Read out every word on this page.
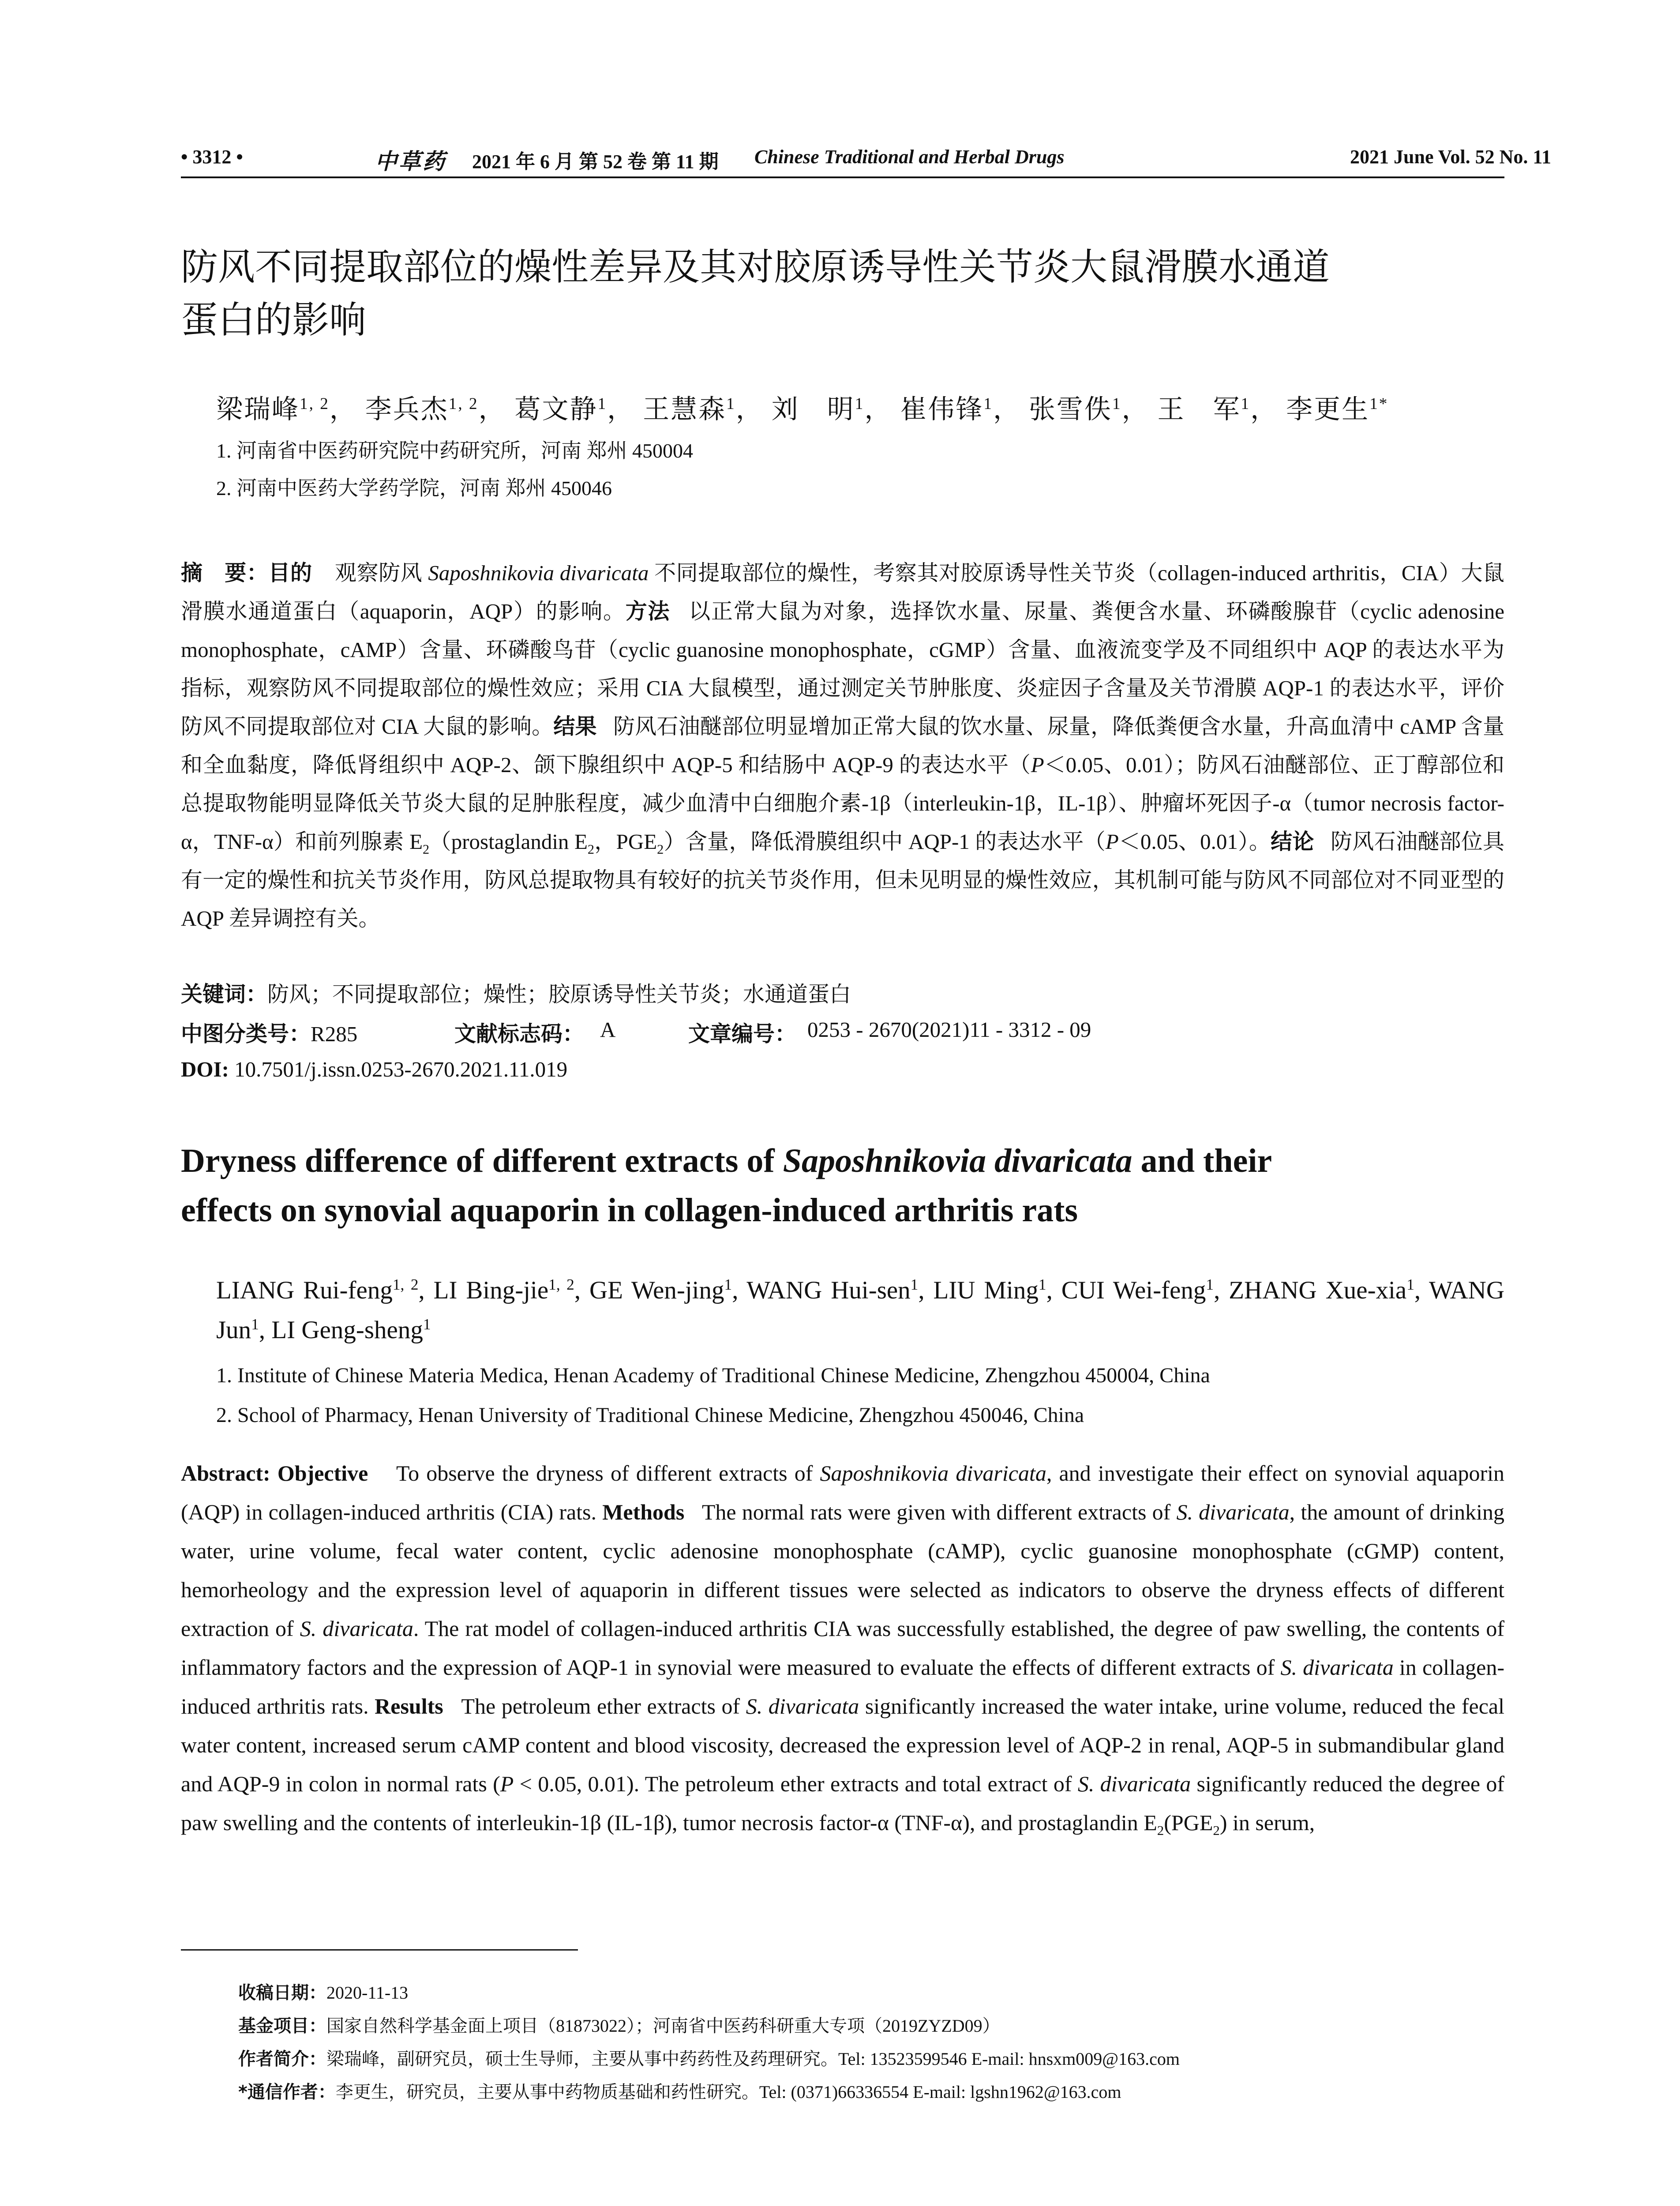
• 3312 •	中草药 2021 年 6 月 第 52 卷 第 11 期 Chinese Traditional and Herbal Drugs	2021 June Vol. 52 No. 11
防风不同提取部位的燥性差异及其对胶原诱导性关节炎大鼠滑膜水通道
蛋白的影响
梁瑞峰$^{1, 2}$， 李兵杰$^{1, 2}$， 葛文静$^1$， 王慧森$^1$， 刘　明$^1$， 崔伟锋$^1$， 张雪佚$^1$， 王　军$^1$， 李更生$^{1*}$
1. 河南省中医药研究院中药研究所，河南 郑州 450004
2. 河南中医药大学药学院，河南 郑州 450046
摘　要：目的 观察防风 Saposhnikovia divaricata 不同提取部位的燥性，考察其对胶原诱导性关节炎（collagen-induced arthritis，CIA）大鼠滑膜水通道蛋白（aquaporin，AQP）的影响。方法 以正常大鼠为对象，选择饮水量、尿量、粪便含水量、环磷酸腺苷（cyclic adenosine monophosphate，cAMP）含量、环磷酸鸟苷（cyclic guanosine monophosphate，cGMP）含量、血液流变学及不同组织中 AQP 的表达水平为指标，观察防风不同提取部位的燥性效应；采用 CIA 大鼠模型，通过测定关节肿胀度、炎症因子含量及关节滑膜 AQP-1 的表达水平，评价防风不同提取部位对 CIA 大鼠的影响。结果 防风石油醚部位明显增加正常大鼠的饮水量、尿量，降低粪便含水量，升高血清中 cAMP 含量和全血黏度，降低肾组织中 AQP-2、颌下腺组织中 AQP-5 和结肠中 AQP-9 的表达水平（P＜0.05、0.01）；防风石油醚部位、正丁醇部位和总提取物能明显降低关节炎大鼠的足肿胀程度，减少血清中白细胞介素-1β（interleukin-1β，IL-1β）、肿瘤坏死因子-α（tumor necrosis factor-α，TNF-α）和前列腺素 $E_2(prostaglandin$ $E_2$，$PGE_2$）含量，降低滑膜组织中 AQP-1 的表达水平（P＜0.05、0.01）。结论 防风石油醚部位具有一定的燥性和抗关节炎作用，防风总提取物具有较好的抗关节炎作用，但未见明显的燥性效应，其机制可能与防风不同部位对不同亚型的 AQP 差异调控有关。
关键词：防风；不同提取部位；燥性；胶原诱导性关节炎；水通道蛋白
中图分类号：R285	文献标志码： A	文章编号： 0253 - 2670(2021)11 - 3312 - 09
DOI: 10.7501/j.issn.0253-2670.2021.11.019
Dryness difference of different extracts of Saposhnikovia divaricata and their
effects on synovial aquaporin in collagen-induced arthritis rats
LIANG Rui-feng$^{1, 2}$, LI Bing-jie$^{1, 2}$, GE Wen-jing$^1$, WANG Hui-sen$^1$, LIU Ming$^1$, CUI Wei-feng$^1$, ZHANG Xue-xia$^1$, WANG Jun$^1$, LI Geng-sheng$^1$
1. Institute of Chinese Materia Medica, Henan Academy of Traditional Chinese Medicine, Zhengzhou 450004, China
2. School of Pharmacy, Henan University of Traditional Chinese Medicine, Zhengzhou 450046, China
Abstract: Objective To observe the dryness of different extracts of Saposhnikovia divaricata, and investigate their effect on synovial aquaporin (AQP) in collagen-induced arthritis (CIA) rats. Methods The normal rats were given with different extracts of S. divaricata, the amount of drinking water, urine volume, fecal water content, cyclic adenosine monophosphate (cAMP), cyclic guanosine monophosphate (cGMP) content, hemorheology and the expression level of aquaporin in different tissues were selected as indicators to observe the dryness effects of different extraction of S. divaricata. The rat model of collagen-induced arthritis CIA was successfully established, the degree of paw swelling, the contents of inflammatory factors and the expression of AQP-1 in synovial were measured to evaluate the effects of different extracts of S. divaricata in collagen-induced arthritis rats. Results The petroleum ether extracts of S. divaricata significantly increased the water intake, urine volume, reduced the fecal water content, increased serum cAMP content and blood viscosity, decreased the expression level of AQP-2 in renal, AQP-5 in submandibular gland and AQP-9 in colon in normal rats (P < 0.05, 0.01). The petroleum ether extracts and total extract of S. divaricata significantly reduced the degree of paw swelling and the contents of interleukin-1β (IL-1β), tumor necrosis factor-α (TNF-α), and prostaglandin $E_2(PGE_2)$ in serum,
收稿日期：2020-11-13
基金项目：国家自然科学基金面上项目（81873022）；河南省中医药科研重大专项（2019ZYZD09）
作者简介：梁瑞峰，副研究员，硕士生导师，主要从事中药药性及药理研究。Tel: 13523599546 E-mail: hnsxm009@163.com
*通信作者：李更生，研究员，主要从事中药物质基础和药性研究。Tel: (0371)66336554 E-mail: lgshn1962@163.com
